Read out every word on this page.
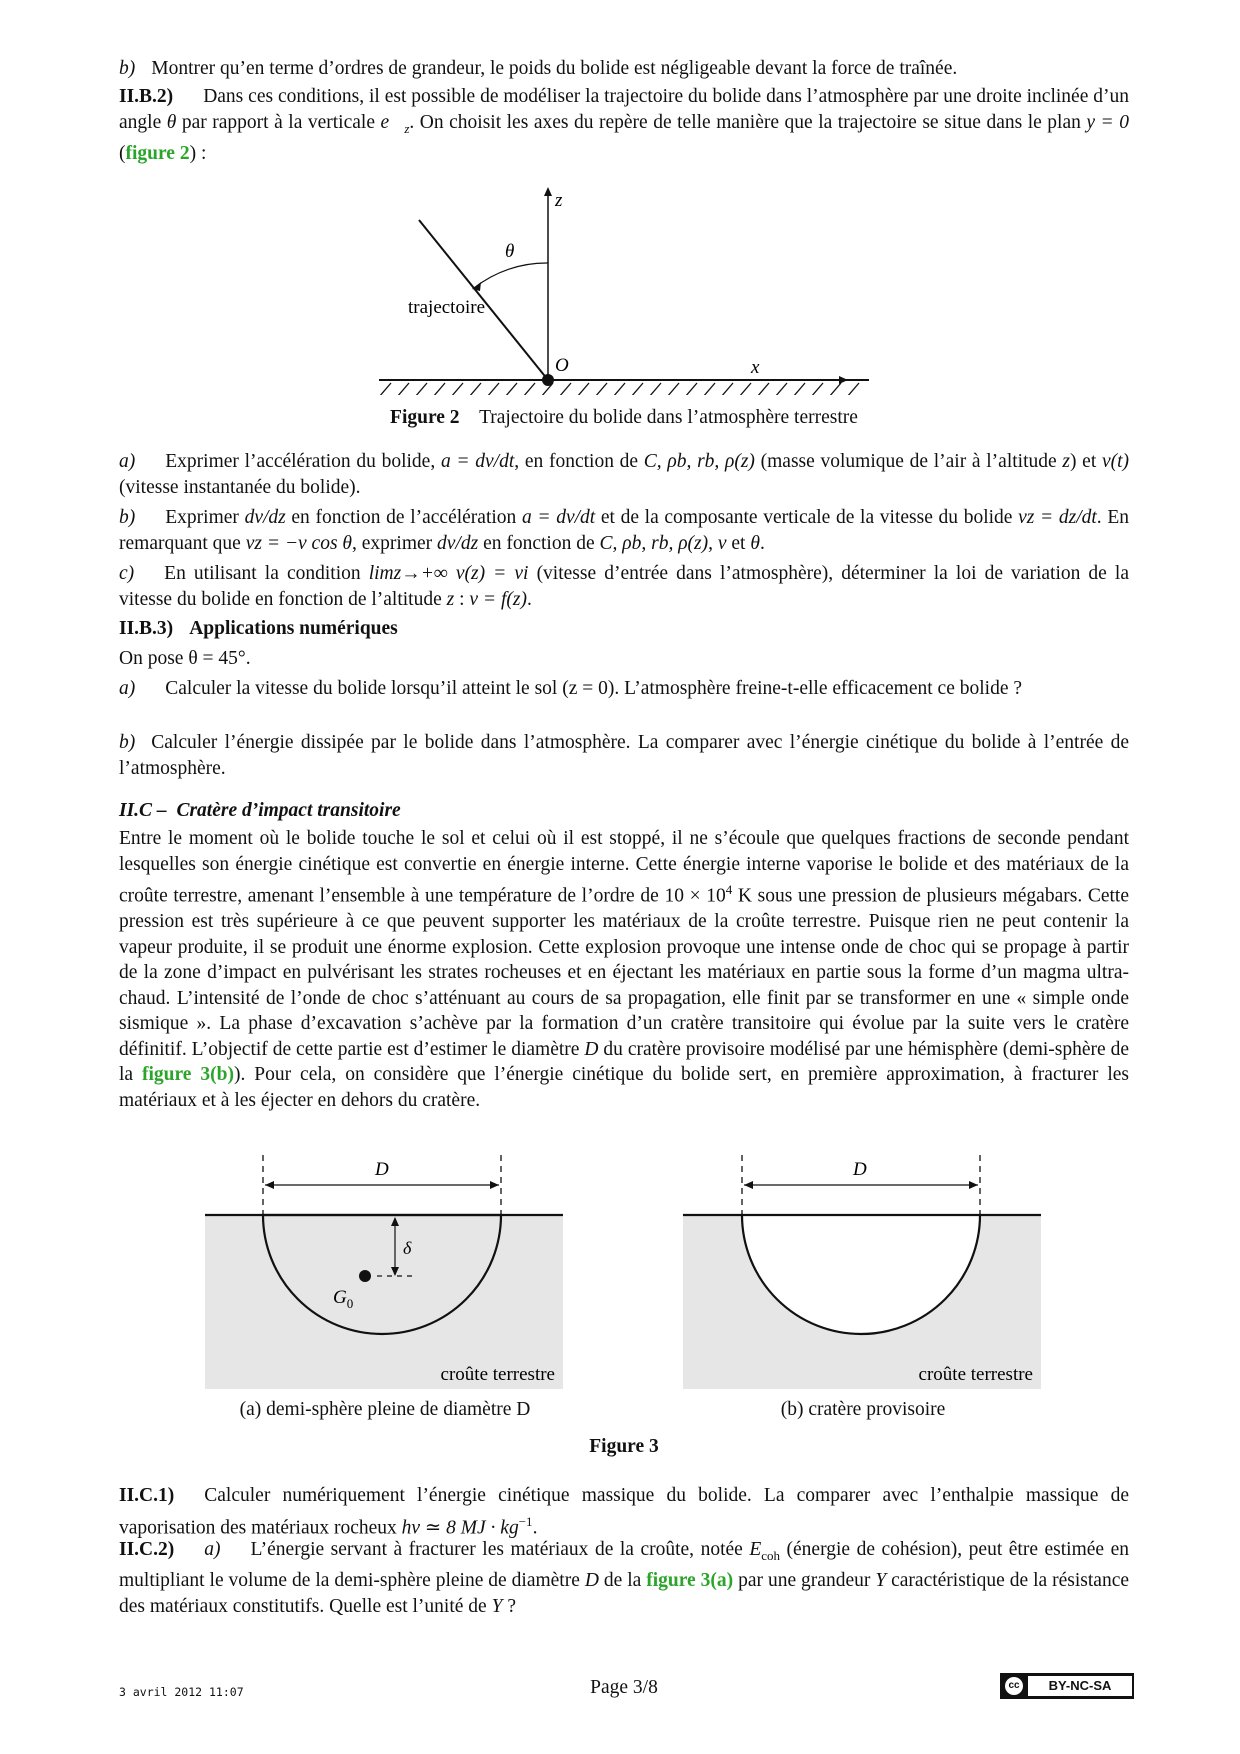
b) Montrer qu’en terme d’ordres de grandeur, le poids du bolide est négligeable devant la force de traînée.

II.B.2) Dans ces conditions, il est possible de modéliser la trajectoire du bolide dans l’atmosphère par une droite inclinée d’un angle θ par rapport à la verticale $e⃗_z$. On choisit les axes du repère de telle manière que la trajectoire se situe dans le plan y = 0 (figure 2) :

z
x
O
θ
trajectoire
Figure 2 Trajectoire du bolide dans l’atmosphère terrestre

a) Exprimer l’accélération du bolide, a = dv/dt, en fonction de C, ρb, rb, ρ(z) (masse volumique de l’air à l’altitude z) et v(t) (vitesse instantanée du bolide).

b) Exprimer dv/dz en fonction de l’accélération a = dv/dt et de la composante verticale de la vitesse du bolide vz = dz/dt. En remarquant que vz = −v cos θ, exprimer dv/dz en fonction de C, ρb, rb, ρ(z), v et θ.

c) En utilisant la condition limz→+∞ v(z) = vi (vitesse d’entrée dans l’atmosphère), déterminer la loi de variation de la vitesse du bolide en fonction de l’altitude z : v = f(z).

II.B.3) Applications numériques

On pose θ = 45°.

a) Calculer la vitesse du bolide lorsqu’il atteint le sol (z = 0). L’atmosphère freine-t-elle efficacement ce bolide ?

b) Calculer l’énergie dissipée par le bolide dans l’atmosphère. La comparer avec l’énergie cinétique du bolide à l’entrée de l’atmosphère.

II.C – Cratère d’impact transitoire

Entre le moment où le bolide touche le sol et celui où il est stoppé, il ne s’écoule que quelques fractions de seconde pendant lesquelles son énergie cinétique est convertie en énergie interne. Cette énergie interne vaporise le bolide et des matériaux de la croûte terrestre, amenant l’ensemble à une température de l’ordre de $10 \times 10^4$ K sous une pression de plusieurs mégabars. Cette pression est très supérieure à ce que peuvent supporter les matériaux de la croûte terrestre. Puisque rien ne peut contenir la vapeur produite, il se produit une énorme explosion. Cette explosion provoque une intense onde de choc qui se propage à partir de la zone d’impact en pulvérisant les strates rocheuses et en éjectant les matériaux en partie sous la forme d’un magma ultra-chaud. L’intensité de l’onde de choc s’atténuant au cours de sa propagation, elle finit par se transformer en une « simple onde sismique ». La phase d’excavation s’achève par la formation d’un cratère transitoire qui évolue par la suite vers le cratère définitif. L’objectif de cette partie est d’estimer le diamètre D du cratère provisoire modélisé par une hémisphère (demi-sphère de la figure 3(b)). Pour cela, on considère que l’énergie cinétique du bolide sert, en première approximation, à fracturer les matériaux et à les éjecter en dehors du cratère.

D
δ
$G_0$
croûte terrestre
(a) demi-sphère pleine de diamètre D
D
croûte terrestre
(b) cratère provisoire
Figure 3

II.C.1) Calculer numériquement l’énergie cinétique massique du bolide. La comparer avec l’enthalpie massique de vaporisation des matériaux rocheux hv ≃ 8 MJ · $kg^{-1}$.

II.C.2) a) L’énergie servant à fracturer les matériaux de la croûte, notée $E_{coh}$ (énergie de cohésion), peut être estimée en multipliant le volume de la demi-sphère pleine de diamètre D de la figure 3(a) par une grandeur Y caractéristique de la résistance des matériaux constitutifs. Quelle est l’unité de Y ?

3 avril 2012 11:07	Page 3/8	cc	BY-NC-SA
